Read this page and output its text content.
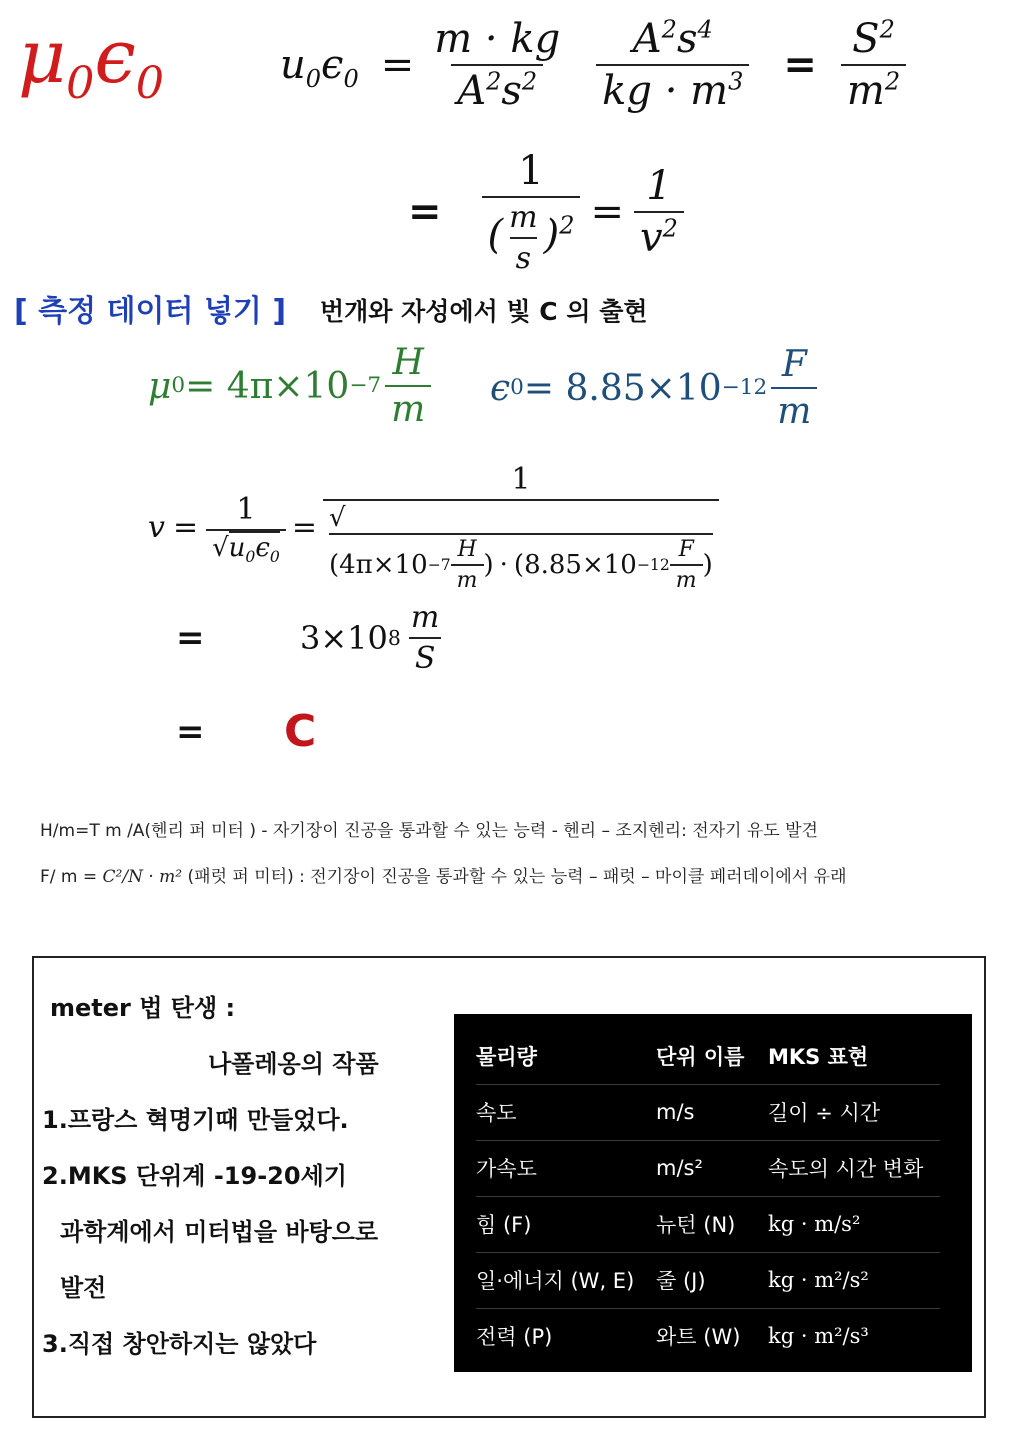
$\mu_0\epsilon_0$	$u_0\epsilon_0 = \frac{m \cdot kg}{A^2s^2} \frac{A^2s^4}{kg \cdot m^3} = \frac{S^2}{m^2}$
= $\frac{1}{( \frac{m}{s} )^2} = \frac{1}{v^2}$
[ 측정 데이터 넣기 ] 번개와 자성에서 빛 C 의 출현
μ $0 = 4\pi\times 10 -7 \frac{H}{m}$ ϵ $0 = 8.85\times 10 -12 \frac{F}{m}$
$v = \frac{1}{√u_0\epsilon_0}$ =
1
√
( $4\pi\times 10 -7 \frac{H}{m}$ ) · ( $8.85\times 10 -12 \frac{F}{m}$ )
=	3×10 $8 \frac{m}{S}$
=	C
H/m=T m /A(헨리 퍼 미터 ) - 자기장이 진공을 통과할 수 있는 능력 - 헨리 – 조지헨리: 전자기 유도 발견
F/ m = C²/N · m² (패럿 퍼 미터) : 전기장이 진공을 통과할 수 있는 능력 – 패럿 – 마이클 페러데이에서 유래
meter 법 탄생 :
나폴레옹의 작품
1.프랑스 혁명기때 만들었다.
2.MKS 단위계 -19-20세기
과학계에서 미터법을 바탕으로
발전
3.직접 창안하지는 않았다
물리량	단위 이름	MKS 표현
속도	m/s	길이 ÷ 시간
가속도	m/s²	속도의 시간 변화
힘 (F)	뉴턴 (N)	kg · m/s²
일·에너지 (W, E)	줄 (J)	kg · m²/s²
전력 (P)	와트 (W)	kg · m²/s³
